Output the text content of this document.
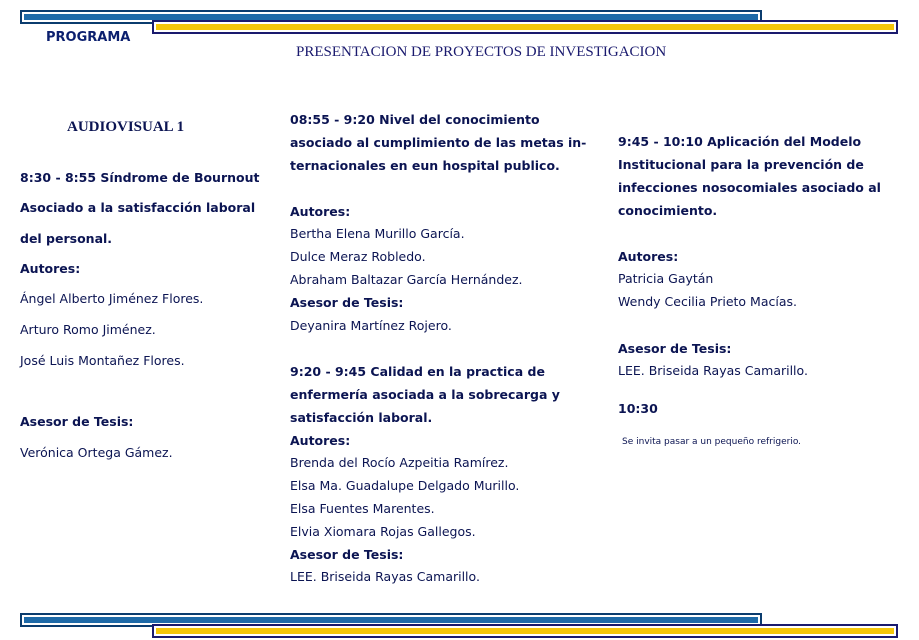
PROGRAMA
PRESENTACION DE PROYECTOS DE INVESTIGACION
AUDIOVISUAL 1
8:30 - 8:55 Síndrome de Bournout
Asociado a la satisfacción laboral
del personal.
Autores:
Ángel Alberto Jiménez Flores.
Arturo Romo Jiménez.
José Luis Montañez Flores.
Asesor de Tesis:
Verónica Ortega Gámez.
08:55 - 9:20 Nivel del conocimiento
asociado al cumplimiento de las metas in-
ternacionales en eun hospital publico.
Autores:
Bertha Elena Murillo García.
Dulce Meraz Robledo.
Abraham Baltazar García Hernández.
Asesor de Tesis:
Deyanira Martínez Rojero.
9:20 - 9:45 Calidad en la practica de
enfermería asociada a la sobrecarga y
satisfacción laboral.
Autores:
Brenda del Rocío Azpeitia Ramírez.
Elsa Ma. Guadalupe Delgado Murillo.
Elsa Fuentes Marentes.
Elvia Xiomara Rojas Gallegos.
Asesor de Tesis:
LEE. Briseida Rayas Camarillo.
9:45 - 10:10 Aplicación del Modelo
Institucional para la prevención de
infecciones nosocomiales asociado al
conocimiento.
Autores:
Patricia Gaytán
Wendy Cecilia Prieto Macías.
Asesor de Tesis:
LEE. Briseida Rayas Camarillo.
10:30
Se invita pasar a un pequeño refrigerio.
